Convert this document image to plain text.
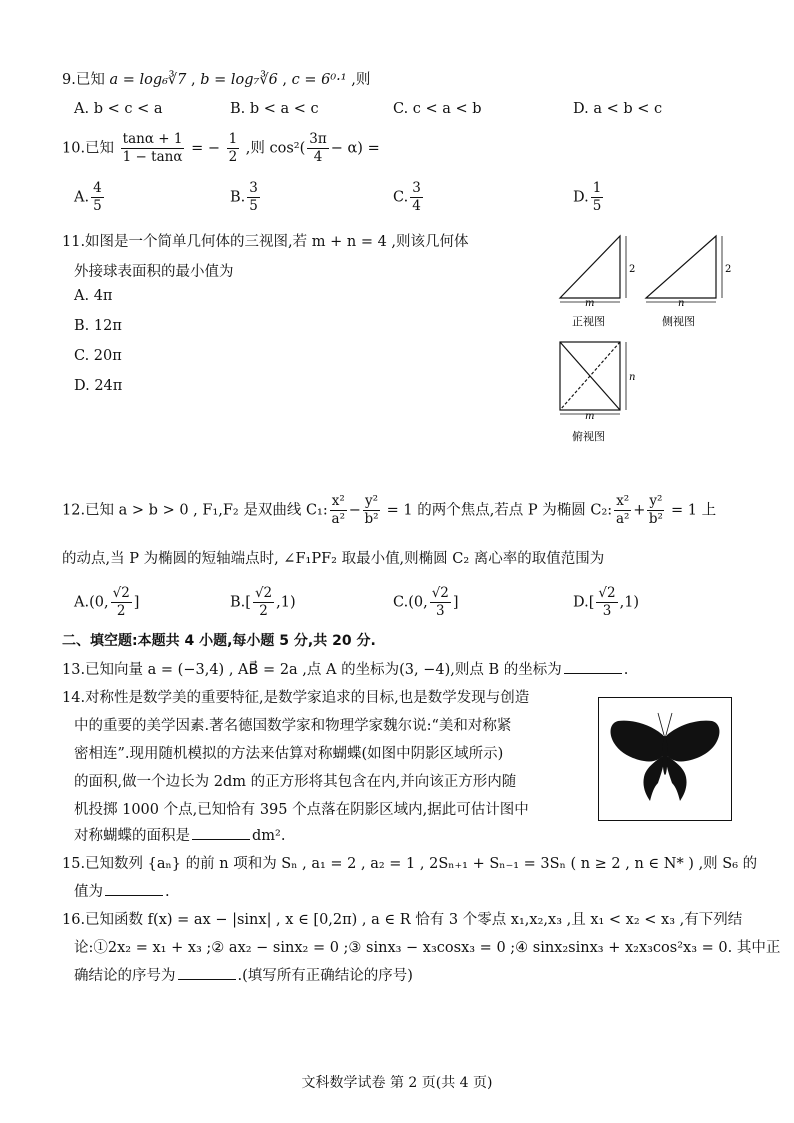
9.已知 a = log₆∛7 , b = log₇∛6 , c = 6⁰·¹ ,则
A. b < c < a	B. b < a < c	C. c < a < b	D. a < b < c
10.已知 $\frac{\tan\alpha + 1}{1 - \tan\alpha}$ = − $\frac{1}{2}$ ,则 $\cos^2( \frac{3\pi}{4} - \alpha)$ =
A. $\frac{4}{5}$	B. $\frac{3}{5}$	C. $\frac{3}{4}$	D. $\frac{1}{5}$
11.如图是一个简单几何体的三视图,若 m + n = 4 ,则该几何体
外接球表面积的最小值为
A. 4π
B. 12π
C. 20π
D. 24π
m
2
正视图
n
2
侧视图
m
n
俯视图
12.已知 a > b > 0 , F₁,F₂ 是双曲线 C₁: $\frac{\text{x²}}{\text{a²}} - \frac{\text{y²}}{\text{b²}} = 1$ 的两个焦点,若点 P 为椭圆 C₂: $\frac{\text{x²}}{\text{a²}} + \frac{\text{y²}}{\text{b²}} = 1$ 上
的动点,当 P 为椭圆的短轴端点时, ∠F₁PF₂ 取最小值,则椭圆 C₂ 离心率的取值范围为
A.(0, $\frac{√2}{2}$ ]	$B.[ \frac{√2}{2} ,1)$	C.(0, $\frac{√2}{3}$ ]	$D.[ \frac{√2}{3} ,1)$
二、填空题:本题共 4 小题,每小题 5 分,共 20 分.
13.已知向量 a = (−3,4) , AB⃗ = 2a ,点 A 的坐标为(3, −4),则点 B 的坐标为	.
14.对称性是数学美的重要特征,是数学家追求的目标,也是数学发现与创造
中的重要的美学因素.著名德国数学家和物理学家魏尔说:“美和对称紧
密相连”.现用随机模拟的方法来估算对称蝴蝶(如图中阴影区域所示)
的面积,做一个边长为 2dm 的正方形将其包含在内,并向该正方形内随
机投掷 1000 个点,已知恰有 395 个点落在阴影区域内,据此可估计图中
对称蝴蝶的面积是	dm².
15.已知数列 {aₙ} 的前 n 项和为 Sₙ , a₁ = 2 , a₂ = 1 , 2Sₙ₊₁ + Sₙ₋₁ = 3Sₙ ( n ≥ 2 , n ∈ N* ) ,则 S₆ 的
值为	.
16.已知函数 f(x) = ax − |sinx| , x ∈ [0,2π) , a ∈ R 恰有 3 个零点 x₁,x₂,x₃ ,且 x₁ < x₂ < x₃ ,有下列结
论:①2x₂ = x₁ + x₃ ;② ax₂ − sinx₂ = 0 ;③ sinx₃ − x₃cosx₃ = 0 ;④ sinx₂sinx₃ + x₂x₃cos²x₃ = 0. 其中正
确结论的序号为	.(填写所有正确结论的序号)
文科数学试卷 第 2 页(共 4 页)
